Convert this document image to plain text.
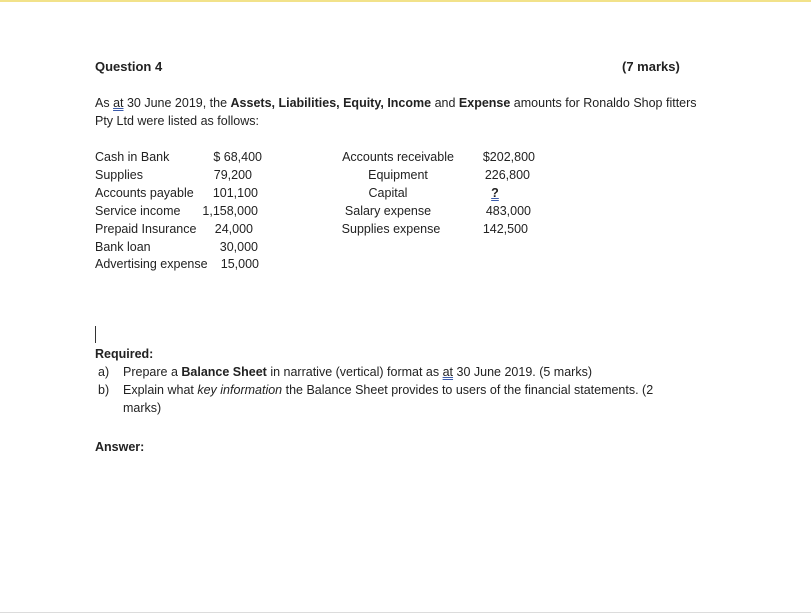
Question 4	(7 marks)
As at 30 June 2019, the Assets, Liabilities, Equity, Income and Expense amounts for Ronaldo Shop fitters
Pty Ltd were listed as follows:
Cash in Bank	$ 68,400
Supplies	79,200
Accounts payable	101,100
Service income	1,158,000
Prepaid Insurance	24,000
Bank loan	30,000
Advertising expense	15,000
Accounts receivable	$202,800
Equipment	226,800
Capital	?
Salary expense	483,000
Supplies expense	142,500
Required:
a) Prepare a Balance Sheet in narrative (vertical) format as at 30 June 2019. (5 marks)
b) Explain what key information the Balance Sheet provides to users of the financial statements. (2
marks)
Answer:
